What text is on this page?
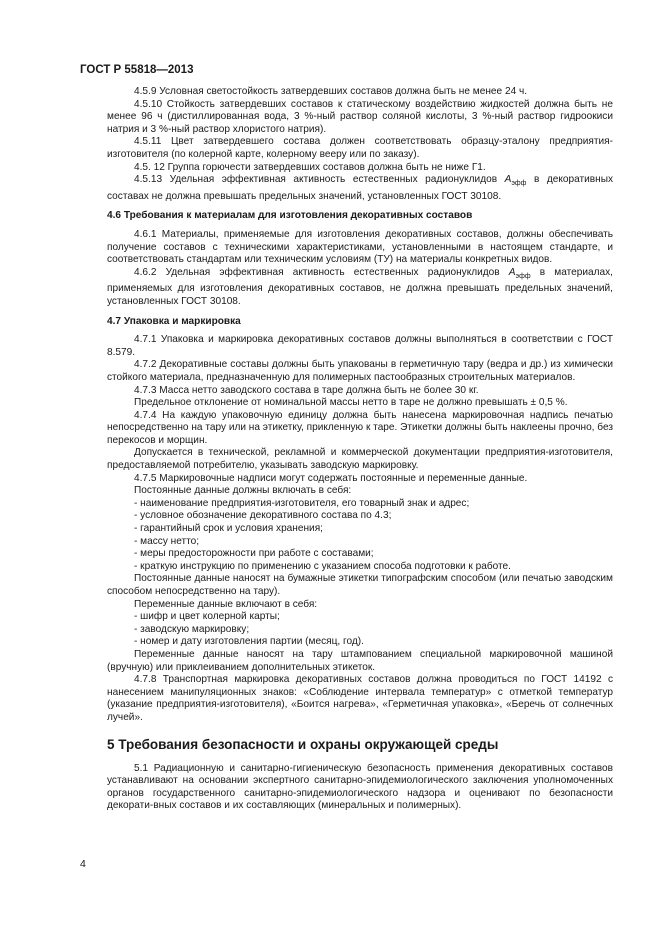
ГОСТ Р 55818—2013

4.5.9 Условная светостойкость затвердевших составов должна быть не менее 24 ч.

4.5.10 Стойкость затвердевших составов к статическому воздействию жидкостей должна быть не менее 96 ч (дистиллированная вода, 3 %-ный раствор соляной кислоты, 3 %-ный раствор гидроокиси натрия и 3 %-ный раствор хлористого натрия).

4.5.11 Цвет затвердевшего состава должен соответствовать образцу-эталону предприятия-изготовителя (по колерной карте, колерному вееру или по заказу).

4.5. 12 Группа горючести затвердевших составов должна быть не ниже Г1.

4.5.13 Удельная эффективная активность естественных радионуклидов $А_{эфф}$ в декоративных составах не должна превышать предельных значений, установленных ГОСТ 30108.

4.6 Требования к материалам для изготовления декоративных составов

4.6.1 Материалы, применяемые для изготовления декоративных составов, должны обеспечивать получение составов с техническими характеристиками, установленными в настоящем стандарте, и соответствовать стандартам или техническим условиям (ТУ) на материалы конкретных видов.

4.6.2 Удельная эффективная активность естественных радионуклидов $А_{эфф}$ в материалах, применяемых для изготовления декоративных составов, не должна превышать предельных значений, установленных ГОСТ 30108.

4.7 Упаковка и маркировка

4.7.1 Упаковка и маркировка декоративных составов должны выполняться в соответствии с ГОСТ 8.579.

4.7.2 Декоративные составы должны быть упакованы в герметичную тару (ведра и др.) из химически стойкого материала, предназначенную для полимерных пастообразных строительных материалов.

4.7.3 Масса нетто заводского состава в таре должна быть не более 30 кг.

Предельное отклонение от номинальной массы нетто в таре не должно превышать ± 0,5 %.

4.7.4 На каждую упаковочную единицу должна быть нанесена маркировочная надпись печатью непосредственно на тару или на этикетку, прикленную к таре. Этикетки должны быть наклеены прочно, без перекосов и морщин.

Допускается в технической, рекламной и коммерческой документации предприятия-изготовителя, предоставляемой потребителю, указывать заводскую маркировку.

4.7.5 Маркировочные надписи могут содержать постоянные и переменные данные.

Постоянные данные должны включать в себя:

- наименование предприятия-изготовителя, его товарный знак и адрес;

- условное обозначение декоративного состава по 4.3;

- гарантийный срок и условия хранения;

- массу нетто;

- меры предосторожности при работе с составами;

- краткую инструкцию по применению с указанием способа подготовки к работе.

Постоянные данные наносят на бумажные этикетки типографским способом (или печатью заводским способом непосредственно на тару).

Переменные данные включают в себя:

- шифр и цвет колерной карты;

- заводскую маркировку;

- номер и дату изготовления партии (месяц, год).

Переменные данные наносят на тару штампованием специальной маркировочной машиной (вручную) или приклеиванием дополнительных этикеток.

4.7.8 Транспортная маркировка декоративных составов должна проводиться по ГОСТ 14192 с нанесением манипуляционных знаков: «Соблюдение интервала температур» с отметкой температур (указание предприятия-изготовителя), «Боится нагрева», «Герметичная упаковка», «Беречь от солнечных лучей».

5 Требования безопасности и охраны окружающей среды

5.1 Радиационную и санитарно-гигиеническую безопасность применения декоративных составов устанавливают на основании экспертного санитарно-эпидемиологического заключения уполномоченных органов государственного санитарно-эпидемиологического надзора и оценивают по безопасности декорати-вных составов и их составляющих (минеральных и полимерных).

4
